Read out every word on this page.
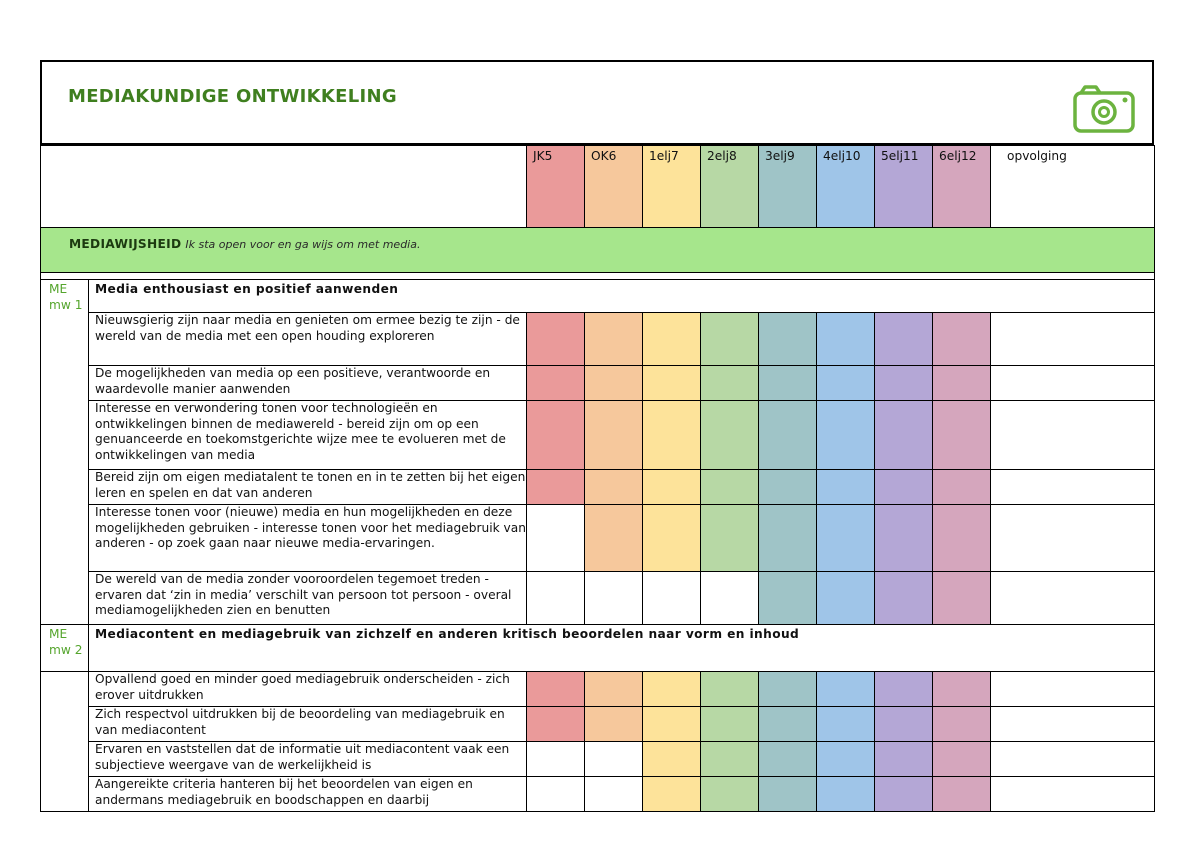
MEDIAKUNDIGE ONTWIKKELING
		JK5	OK6	1elj7	2elj8	3elj9	4elj10	5elj11	6elj12	opvolging
MEDIAWIJSHEID Ik sta open voor en ga wijs om met media.										

ME mw 1	Media enthousiast en positief aanwenden									
	Nieuwsgierig zijn naar media en genieten om ermee bezig te zijn - de wereld van de media met een open houding exploreren									
	De mogelijkheden van media op een positieve, verantwoorde en waardevolle manier aanwenden									
	Interesse en verwondering tonen voor technologieën en ontwikkelingen binnen de mediawereld - bereid zijn om op een genuanceerde en toekomstgerichte wijze mee te evolueren met de ontwikkelingen van media									
	Bereid zijn om eigen mediatalent te tonen en in te zetten bij het eigen leren en spelen en dat van anderen									
	Interesse tonen voor (nieuwe) media en hun mogelijkheden en deze mogelijkheden gebruiken - interesse tonen voor het mediagebruik van anderen - op zoek gaan naar nieuwe media-ervaringen.									
	De wereld van de media zonder vooroordelen tegemoet treden - ervaren dat ‘zin in media’ verschilt van persoon tot persoon - overal mediamogelijkheden zien en benutten									
ME mw 2	Mediacontent en mediagebruik van zichzelf en anderen kritisch beoordelen naar vorm en inhoud									
	Opvallend goed en minder goed mediagebruik onderscheiden - zich erover uitdrukken									
	Zich respectvol uitdrukken bij de beoordeling van mediagebruik en van mediacontent									
	Ervaren en vaststellen dat de informatie uit mediacontent vaak een subjectieve weergave van de werkelijkheid is									
	Aangereikte criteria hanteren bij het beoordelen van eigen en andermans mediagebruik en boodschappen en daarbij									
